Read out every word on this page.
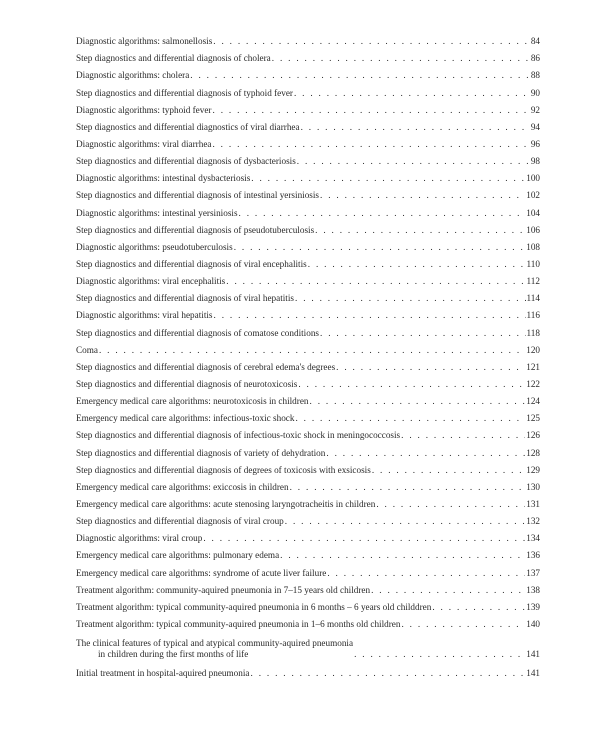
Diagnostic algorithms: salmonellosis . . .	84
Step diagnostics and differential diagnosis of cholera . . .	86
Diagnostic algorithms: cholera . . .	88
Step diagnostics and differential diagnosis of typhoid fever . . .	90
Diagnostic algorithms: typhoid fever . . .	92
Step diagnostics and differential diagnostics of viral diarrhea . . .	94
Diagnostic algorithms: viral diarrhea . . .	96
Step diagnostics and differential diagnosis of dysbacteriosis . . .	98
Diagnostic algorithms: intestinal dysbacteriosis . . .	100
Step diagnostics and differential diagnosis of intestinal yersiniosis . . .	102
Diagnostic algorithms: intestinal yersiniosis . . .	104
Step diagnostics and differential diagnosis of pseudotuberculosis . . .	106
Diagnostic algorithms: pseudotuberculosis . . .	108
Step diagnostics and differential diagnosis of viral encephalitis . . .	110
Diagnostic algorithms: viral encephalitis . . .	112
Step diagnostics and differential diagnosis of viral hepatitis . . .	114
Diagnostic algorithms: viral hepatitis . . .	116
Step diagnostics and differential diagnosis of comatose conditions . . .	118
Coma . . .	120
Step diagnostics and differential diagnosis of cerebral edema's degrees . . .	121
Step diagnostics and differential diagnosis of neurotoxicosis . . .	122
Emergency medical care algorithms: neurotoxicosis in children . . .	124
Emergency medical care algorithms: infectious-toxic shock . . .	125
Step diagnostics and differential diagnosis of infectious-toxic shock in meningococcosis . . .	126
Step diagnostics and differential diagnosis of variety of dehydration . . .	128
Step diagnostics and differential diagnosis of degrees of toxicosis with exsicosis . . .	129
Emergency medical care algorithms: exiccosis in children . . .	130
Emergency medical care algorithms: acute stenosing laryngotracheitis in children . . .	131
Step diagnostics and differential diagnosis of viral croup . . .	132
Diagnostic algorithms: viral croup . . .	134
Emergency medical care algorithms: pulmonary edema . . .	136
Emergency medical care algorithms: syndrome of acute liver failure . . .	137
Treatment algorithm: community-aquired pneumonia in 7–15 years old children . . .	138
Treatment algorithm: typical community-aquired pneumonia in 6 months – 6 years old childdren . . .	139
Treatment algorithm: typical community-aquired pneumonia in 1–6 months old children . . .	140
The clinical features of typical and atypical community-aquired pneumonia
in children during the first months of life . . .	141
Initial treatment in hospital-aquired pneumonia . . .	141
